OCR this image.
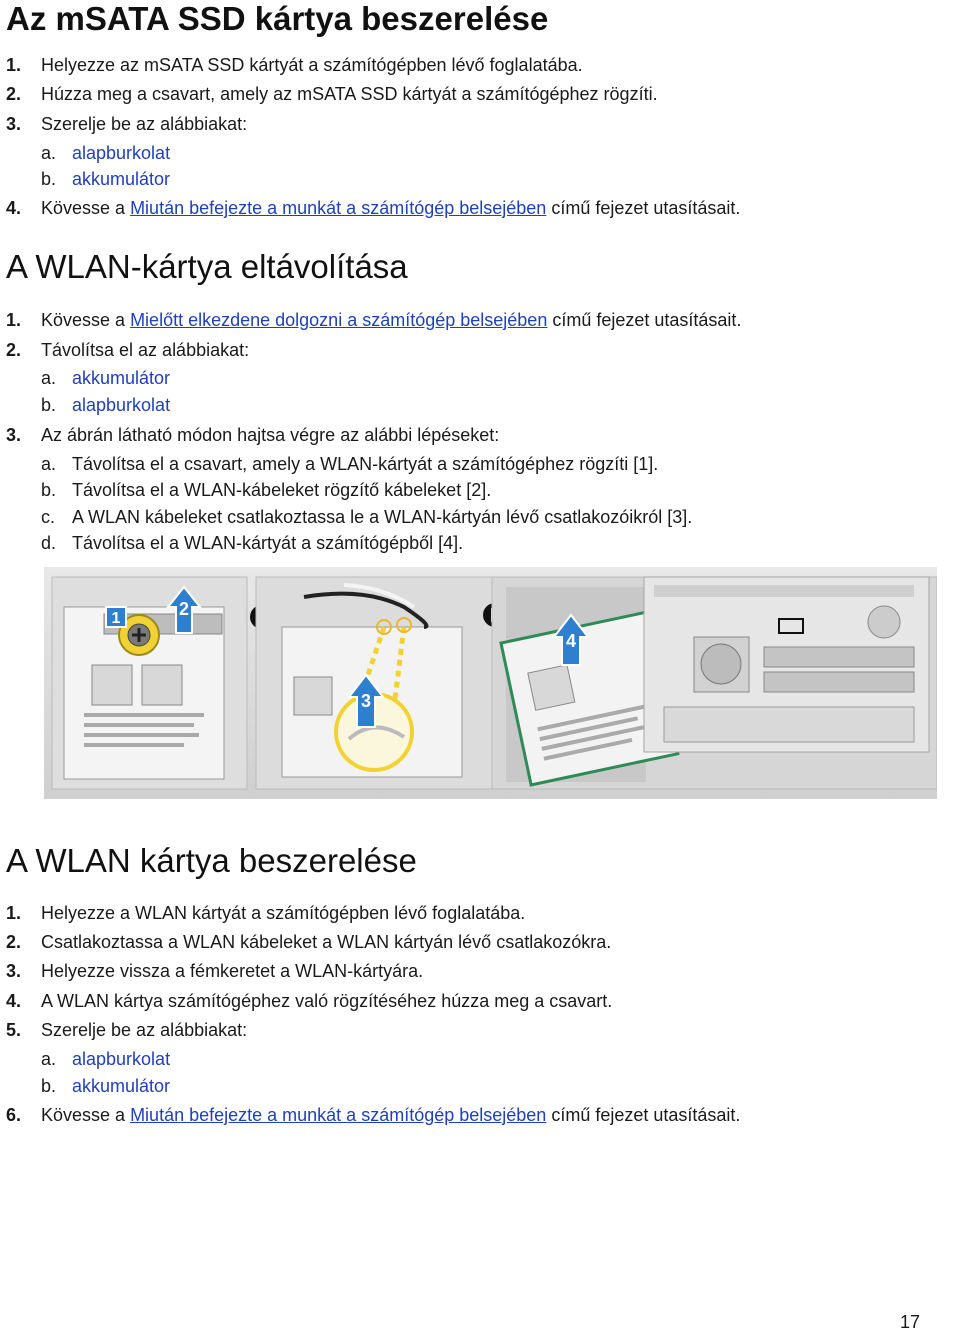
Az mSATA SSD kártya beszerelése
1. Helyezze az mSATA SSD kártyát a számítógépben lévő foglalatába.
2. Húzza meg a csavart, amely az mSATA SSD kártyát a számítógéphez rögzíti.
3. Szerelje be az alábbiakat:
a. alapburkolat
b. akkumulátor
4. Kövesse a Miután befejezte a munkát a számítógép belsejében című fejezet utasításait.
A WLAN-kártya eltávolítása
1. Kövesse a Mielőtt elkezdene dolgozni a számítógép belsejében című fejezet utasításait.
2. Távolítsa el az alábbiakat:
a. akkumulátor
b. alapburkolat
3. Az ábrán látható módon hajtsa végre az alábbi lépéseket:
a. Távolítsa el a csavart, amely a WLAN-kártyát a számítógéphez rögzíti [1].
b. Távolítsa el a WLAN-kábeleket rögzítő kábeleket [2].
c. A WLAN kábeleket csatlakoztassa le a WLAN-kártyán lévő csatlakozóikról [3].
d. Távolítsa el a WLAN-kártyát a számítógépből [4].
1	2
3
4
A WLAN kártya beszerelése
1. Helyezze a WLAN kártyát a számítógépben lévő foglalatába.
2. Csatlakoztassa a WLAN kábeleket a WLAN kártyán lévő csatlakozókra.
3. Helyezze vissza a fémkeretet a WLAN-kártyára.
4. A WLAN kártya számítógéphez való rögzítéséhez húzza meg a csavart.
5. Szerelje be az alábbiakat:
a. alapburkolat
b. akkumulátor
6. Kövesse a Miután befejezte a munkát a számítógép belsejében című fejezet utasításait.
17
